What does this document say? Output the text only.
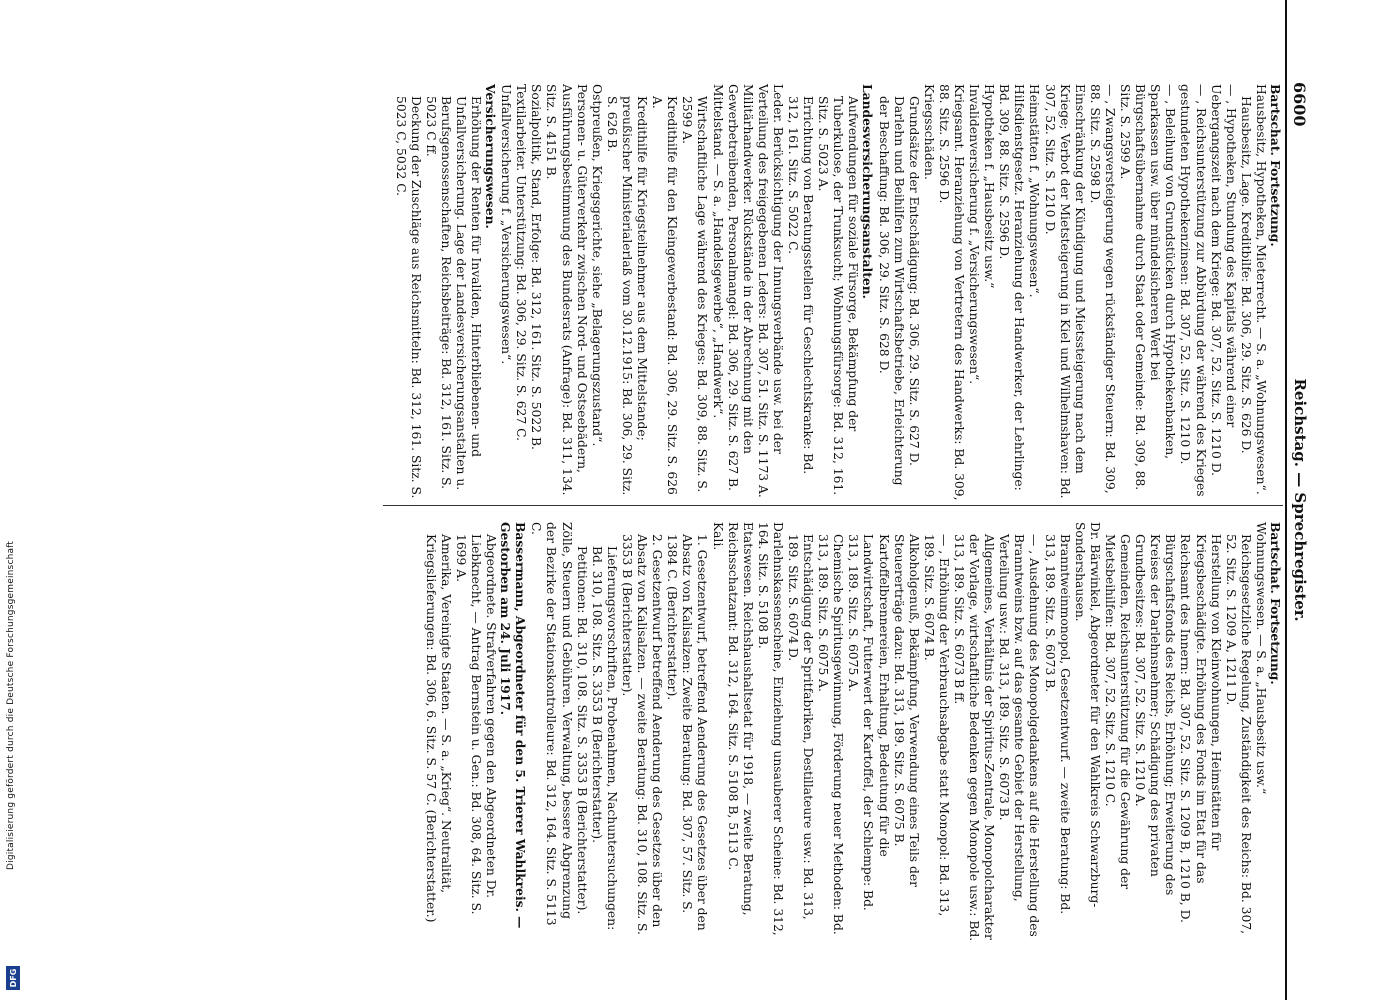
6600
Reichstag. — Sprechregister.

Bartschat. Fortsetzung.

Hausbesitz, Hypotheken, Mieterrecht. — S. a. „Wohnungswesen“.

Hausbesitz, Lage. Kreditbilfe: Bd. 306, 29. Sitz. S. 626 D.

— , Hypotheken, Stundung des Kapitals während einer Uebergangszeit nach dem Kriege: Bd. 307, 52. Sitz. S. 1210 D.

— , Reichsunterstützung zur Abbürdung der während des Krieges gestundeten Hypothekenzinsen: Bd. 307, 52. Sitz. S. 1210 D.

— , Beleihung von Grundstücken durch Hypothekenbanken, Sparkassen usw. über mündelsicheren Wert bei Bürgschaftsübernahme durch Staat oder Gemeinde: Bd. 309, 88. Sitz. S. 2599 A.

— , Zwangsversteigerung wegen rückständiger Steuern: Bd. 309, 88. Sitz. S. 2598 D.

Einschränkung der Kündigung und Mietssteigerung nach dem Kriege; Verbot der Mietsteigerung in Kiel und Wilhelmshaven: Bd. 307, 52. Sitz. S. 1210 D.

Heimstätten f. „Wohnungswesen“.

Hilfsdienstgesetz. Heranziehung der Handwerker, der Lehrlinge: Bd. 309, 88. Sitz. S. 2596 D.

Hypotheken f. „Hausbesitz usw.“

Invalidenversicherung f. „Versicherungswesen“.

Kriegsamt. Heranziehung von Vertretern des Handwerks: Bd. 309, 88. Sitz. S. 2596 D.

Kriegsschäden.

Grundsätze der Entschädigung: Bd. 306, 29. Sitz. S. 627 D.

Darlehn und Beihilfen zum Wirtschaftsbetriebe, Erleichterung der Beschaffung: Bd. 306, 29. Sitz. S. 628 D.

Landesversicherungsanstalten.

Aufwendungen für soziale Fürsorge, Bekämpfung der Tuberkulose, der Trunksucht; Wohnungsfürsorge: Bd. 312, 161. Sitz. S. 5023 A.

Errichtung von Beratungsstellen für Geschlechtskranke: Bd. 312, 161. Sitz. S. 5022 C.

Leder. Berücksichtigung der Innungsverbände usw. bei der Verteilung des freigegebenen Leders: Bd. 307, 51. Sitz. S. 1173 A.

Militärhandwerker. Rückstände in der Abrechnung mit den Gewerbetreibenden, Personalmangel: Bd. 306, 29. Sitz. S. 627 B.

Mittelstand. — S. a. „Handelsgewerbe“, „Handwerk“.

Wirtschaftliche Lage während des Krieges: Bd. 309, 88. Sitz. S. 2599 A.

Kredithilfe für den Kleingewerbestand: Bd. 306, 29. Sitz. S. 626 A.

Kredithilfe für Kriegsteilnehmer aus dem Mittelstande; preußischer Ministerialerlaß vom 30.12.1915: Bd. 306, 29. Sitz. S. 626 B.

Ostpreußen, Kriegsgerichte, siehe „Belagerungszustand“.

Personen- u. Güterverkehr zwischen Nord- und Ostseebädern, Ausführungsbestimmung des Bundesrats (Anfrage): Bd. 311, 134. Sitz. S. 4151 B.

Sozialpolitik, Stand, Erfolge: Bd. 312, 161. Sitz. S. 5022 B.

Textilarbeiter. Unterstützung: Bd. 306, 29. Sitz. S. 627 C.

Unfallversicherung f. „Versicherungswesen“.

Versicherungswesen.

Erhöhung der Renten für Invaliden, Hinterbliebenen- und Unfallversicherung. Lage der Landesversicherungsanstalten u. Berufsgenossenschaften, Reichsbeiträge: Bd. 312, 161. Sitz. S. 5023 C ff.

Deckung der Zuschläge aus Reichsmitteln: Bd. 312, 161. Sitz. S. 5023 C, 5032 C.

Bartschat. Fortsetzung.

Wohnungswesen. — S. a. „Hausbesitz usw.“

Reichsgesetzliche Regelung, Zuständigkeit des Reichs: Bd. 307, 52. Sitz. S. 1209 A, 1211 D.

Herstellung von Kleinwohnungen, Heimstätten für Kriegsbeschädigte. Erhöhung des Fonds im Etat für das Reichsamt des Innern: Bd. 307, 52. Sitz. S. 1209 B, 1210 B, D.

Bürgschaftsfonds des Reichs, Erhöhung; Erweiterung des Kreises der Darlehnsnehmer; Schädigung des privaten Grundbesitzes: Bd. 307, 52. Sitz. S. 1210 A.

Gemeinden, Reichsunterstützung für die Gewährung der Mietsbeihilfen: Bd. 307, 52. Sitz. S. 1210 C.

Dr. Bärwinkel, Abgeordneter für den Wahlkreis Schwarzburg-Sondershausen.

Branntweinmonopol, Gesetzentwurf. — zweite Beratung: Bd. 313, 189. Sitz. S. 6073 B.

— , Ausdehnung des Monopolgedankens auf die Herstellung des Branntweins bzw. auf das gesamte Gebiet der Herstellung, Verteilung usw.: Bd. 313, 189. Sitz. S. 6073 B.

Allgemeines, Verhältnis der Spiritus-Zentrale, Monopolcharakter der Vorlage, wirtschaftliche Bedenken gegen Monopole usw.: Bd. 313, 189. Sitz. S. 6073 B ff.

— , Erhöhung der Verbrauchsabgabe statt Monopol: Bd. 313, 189. Sitz. S. 6074 B.

Alkoholgenuß, Bekämpfung, Verwendung eines Teils der Steuererträge dazu: Bd. 313, 189. Sitz. S. 6075 B.

Kartoffelbrennereien, Erhaltung, Bedeutung für die Landwirtschaft, Futterwert der Kartoffel, der Schlempe: Bd. 313, 189. Sitz. S. 6075 A.

Chemische Spiritusgewinnung, Förderung neuer Methoden: Bd. 313, 189. Sitz. S. 6075 A.

Entschädigung der Spritfabriken, Destillateure usw.: Bd. 313, 189. Sitz. S. 6074 D.

Darlehnskassenscheine, Einziehung unsauberer Scheine: Bd. 312, 164. Sitz. S. 5108 B.

Etatswesen. Reichshaushaltsetat für 1918, — zweite Beratung, Reichsschatzamt: Bd. 312, 164. Sitz. S. 5108 B, 5113 C.

Kali.

1. Gesetzentwurf, betreffend Aenderung des Gesetzes über den Absatz von Kalisalzen: Zweite Beratung: Bd. 307, 57. Sitz. S. 1384 C. (Berichterstatter).

2. Gesetzentwurf betreffend Aenderung des Gesetzes über den Absatz von Kalisalzen. — zweite Beratung: Bd. 310, 108. Sitz. S. 3353 B (Berichterstatter).

Lieferungsvorschriften, Probenahmen, Nachuntersuchungen: Bd. 310, 108. Sitz. S. 3353 B (Berichterstatter).

Petitionen: Bd. 310, 108. Sitz. S. 3353 B (Berichterstatter).

Zölle, Steuern und Gebühren. Verwaltung, bessere Abgrenzung der Bezirke der Stationskontrolleure: Bd. 312, 164. Sitz. S. 5113 C.

Bassermann, Abgeordneter für den 5. Trierer Wahlkreis. — Gestorben am 24. Juli 1917.

Abgeordnete. Strafverfahren gegen den Abgeordneten Dr. Liebknecht, — Antrag Bernstein u. Gen.: Bd. 308, 64. Sitz. S. 1699 A.

Amerika, Vereinigte Staaten. — S. a. „Krieg“. Neutralität, Kriegslieferungen: Bd. 306, 6. Sitz. S. 57 C. (Berichterstatter.)

Digitalisierung gefördert durch die Deutsche Forschungsgemeinschaft
DFG
